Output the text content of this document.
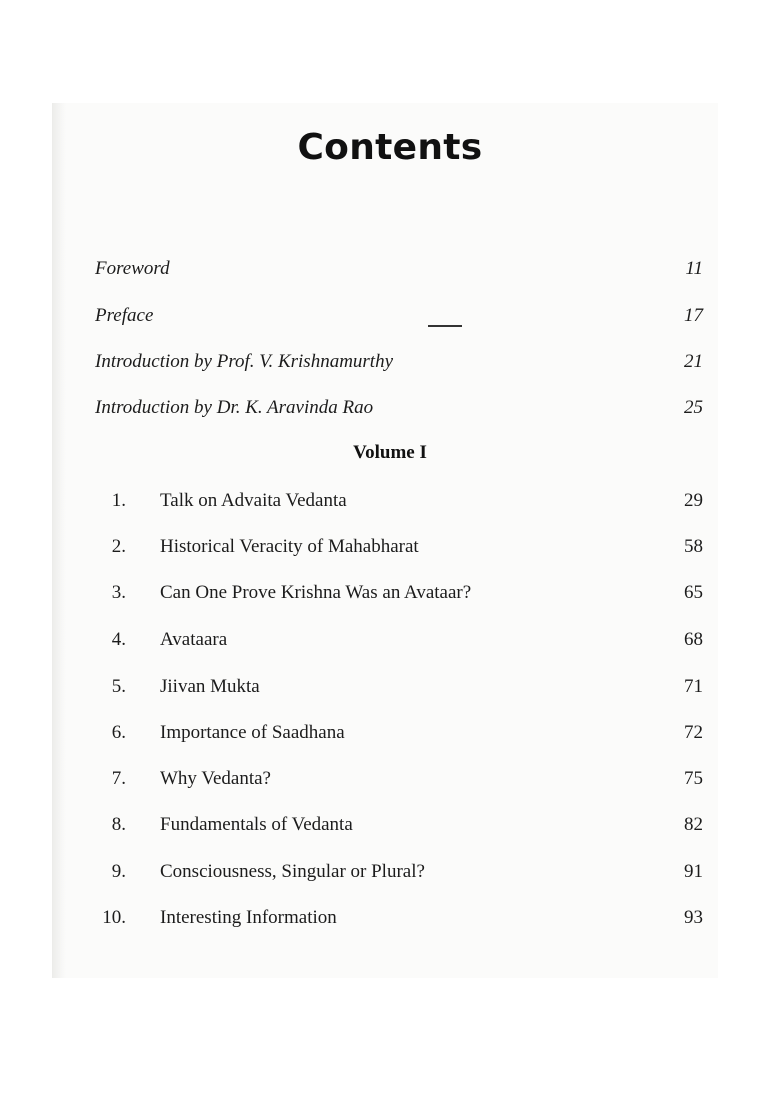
Contents
Foreword	11
Preface	17
Introduction by Prof. V. Krishnamurthy	21
Introduction by Dr. K. Aravinda Rao	25
Volume I
1. Talk on Advaita Vedanta	29
2. Historical Veracity of Mahabharat	58
3. Can One Prove Krishna Was an Avataar?	65
4. Avataara	68
5. Jiivan Mukta	71
6. Importance of Saadhana	72
7. Why Vedanta?	75
8. Fundamentals of Vedanta	82
9. Consciousness, Singular or Plural?	91
10. Interesting Information	93
